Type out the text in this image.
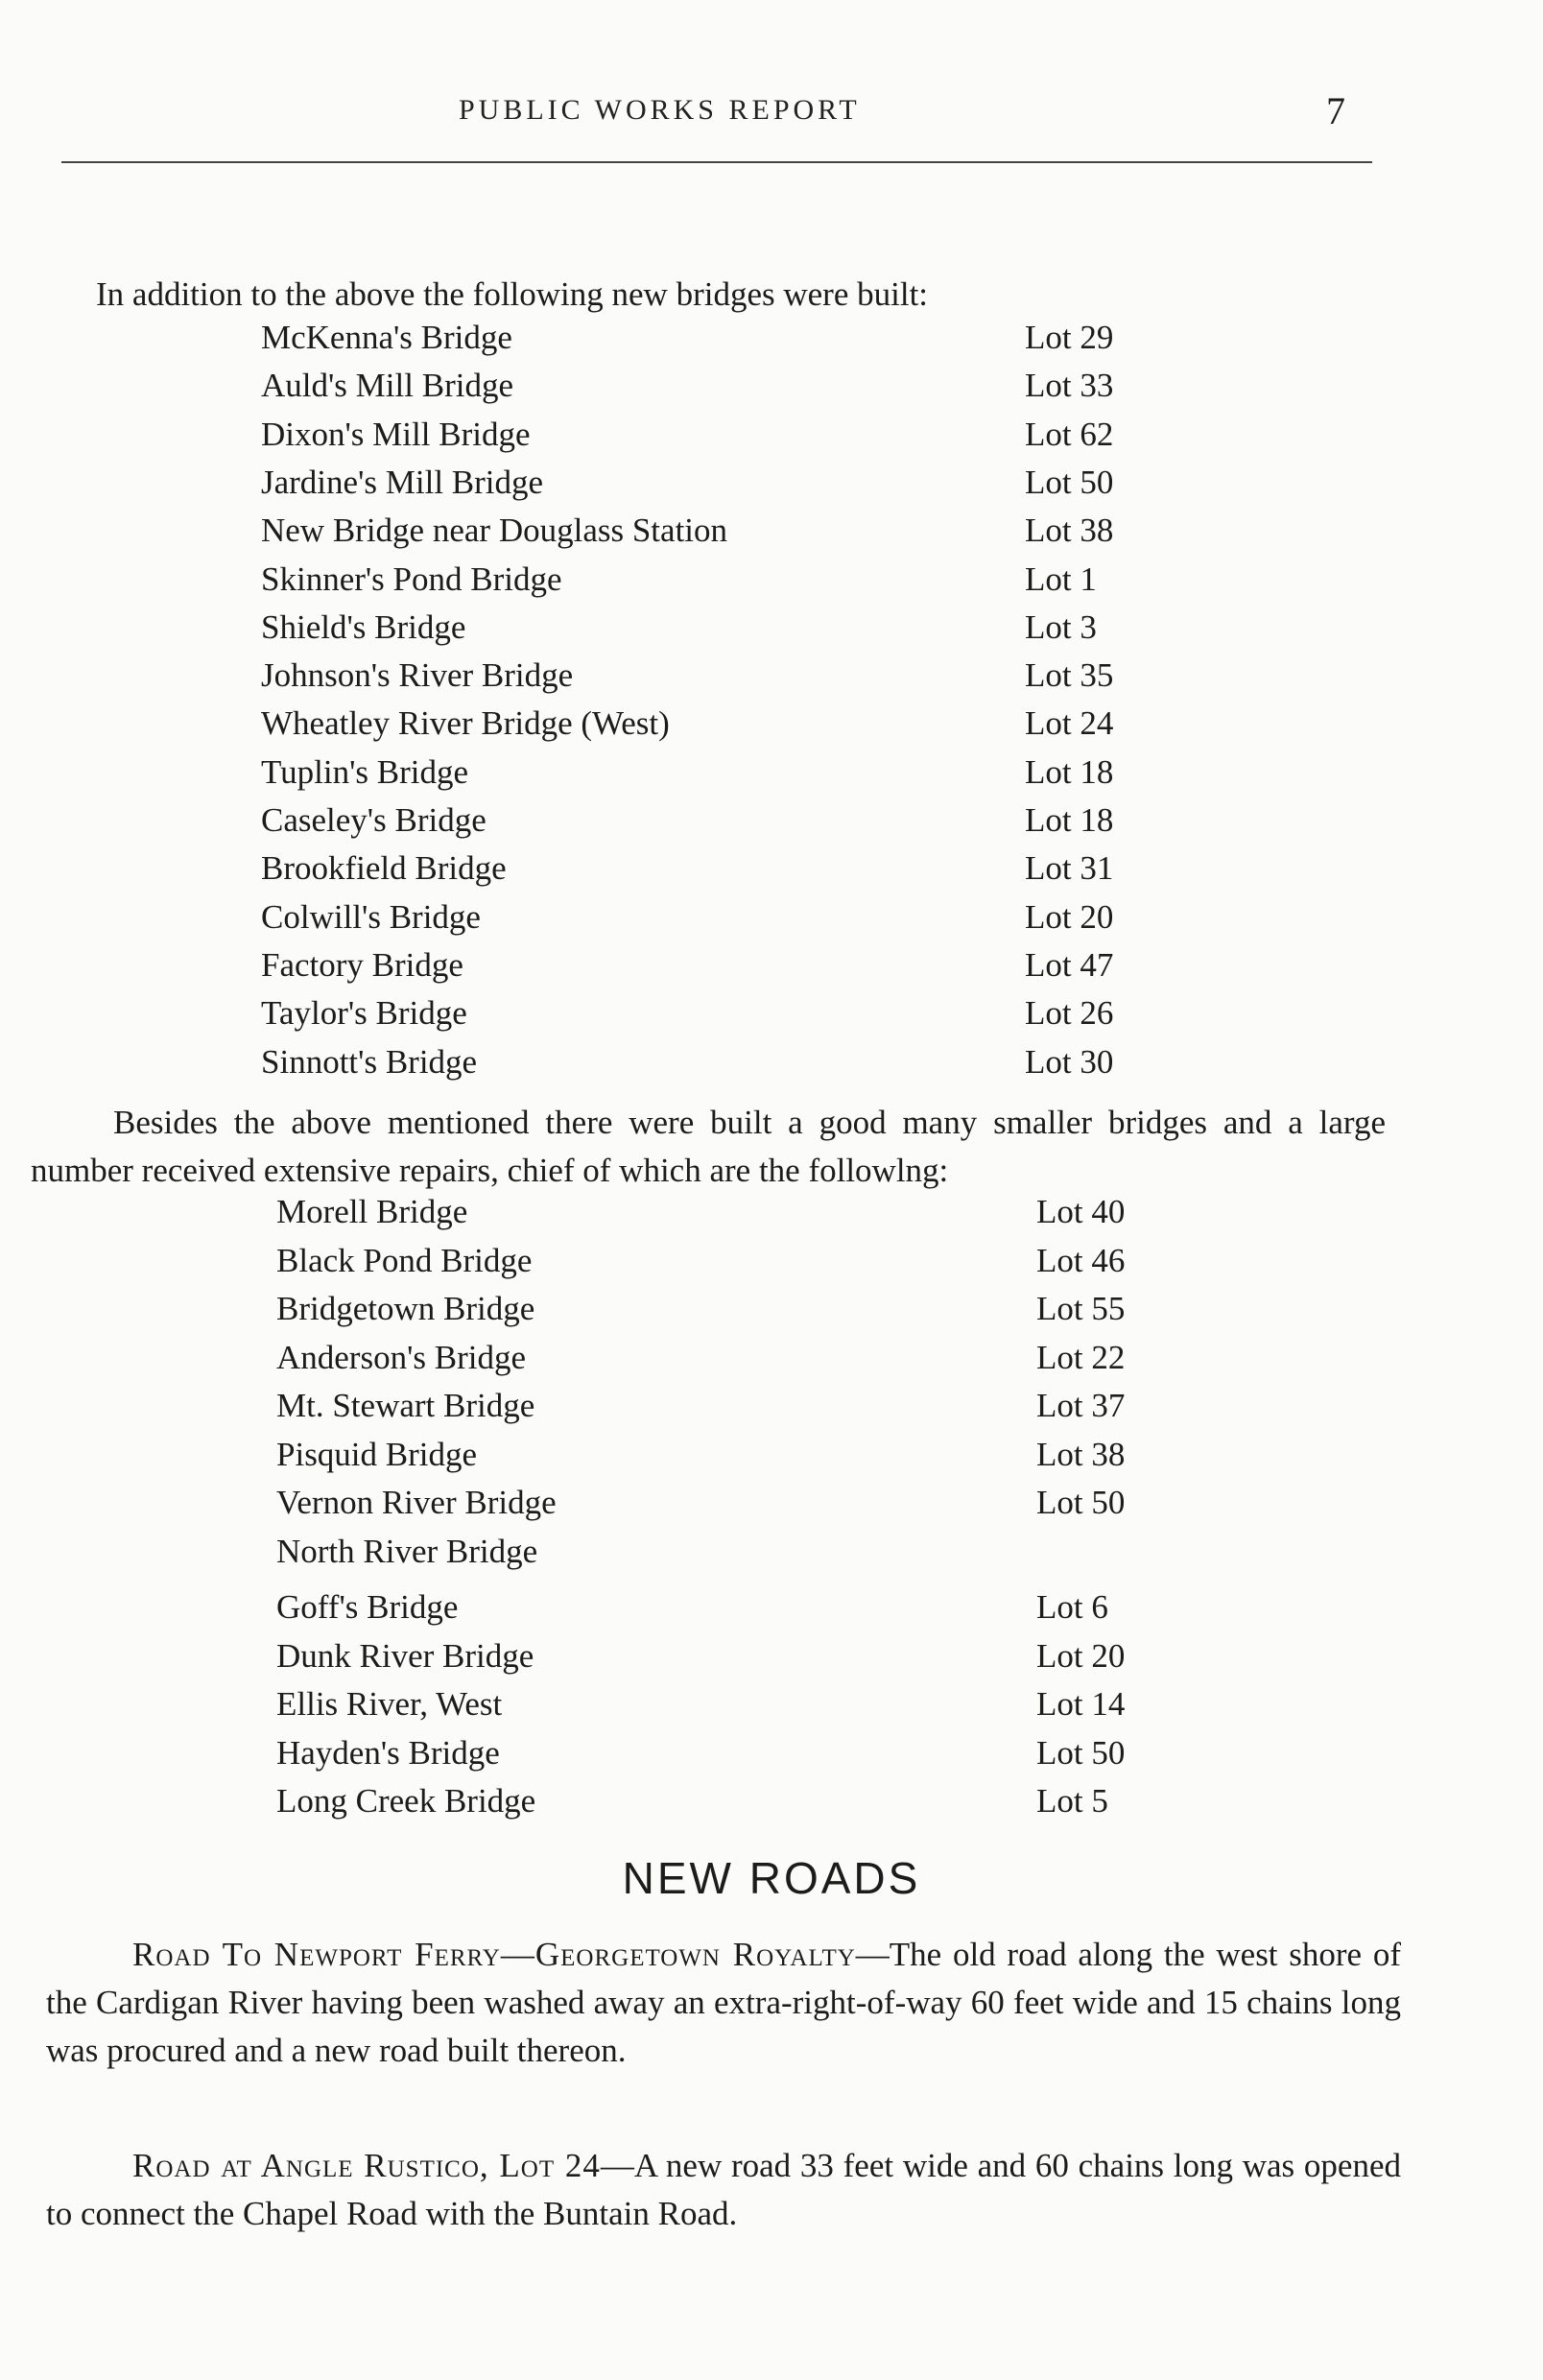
PUBLIC WORKS REPORT	7
In addition to the above the following new bridges were built:
McKenna's Bridge	Lot 29
Auld's Mill Bridge	Lot 33
Dixon's Mill Bridge	Lot 62
Jardine's Mill Bridge	Lot 50
New Bridge near Douglass Station	Lot 38
Skinner's Pond Bridge	Lot 1
Shield's Bridge	Lot 3
Johnson's River Bridge	Lot 35
Wheatley River Bridge (West)	Lot 24
Tuplin's Bridge	Lot 18
Caseley's Bridge	Lot 18
Brookfield Bridge	Lot 31
Colwill's Bridge	Lot 20
Factory Bridge	Lot 47
Taylor's Bridge	Lot 26
Sinnott's Bridge	Lot 30
Besides the above mentioned there were built a good many smaller bridges and a large number received extensive repairs, chief of which are the followlng:
Morell Bridge	Lot 40
Black Pond Bridge	Lot 46
Bridgetown Bridge	Lot 55
Anderson's Bridge	Lot 22
Mt. Stewart Bridge	Lot 37
Pisquid Bridge	Lot 38
Vernon River Bridge	Lot 50
North River Bridge
Goff's Bridge	Lot 6
Dunk River Bridge	Lot 20
Ellis River, West	Lot 14
Hayden's Bridge	Lot 50
Long Creek Bridge	Lot 5
NEW ROADS
Road To Newport Ferry—Georgetown Royalty—The old road along the west shore of the Cardigan River having been washed away an extra-right-of-way 60 feet wide and 15 chains long was procured and a new road built thereon.
Road at Angle Rustico, Lot 24—A new road 33 feet wide and 60 chains long was opened to connect the Chapel Road with the Buntain Road.
